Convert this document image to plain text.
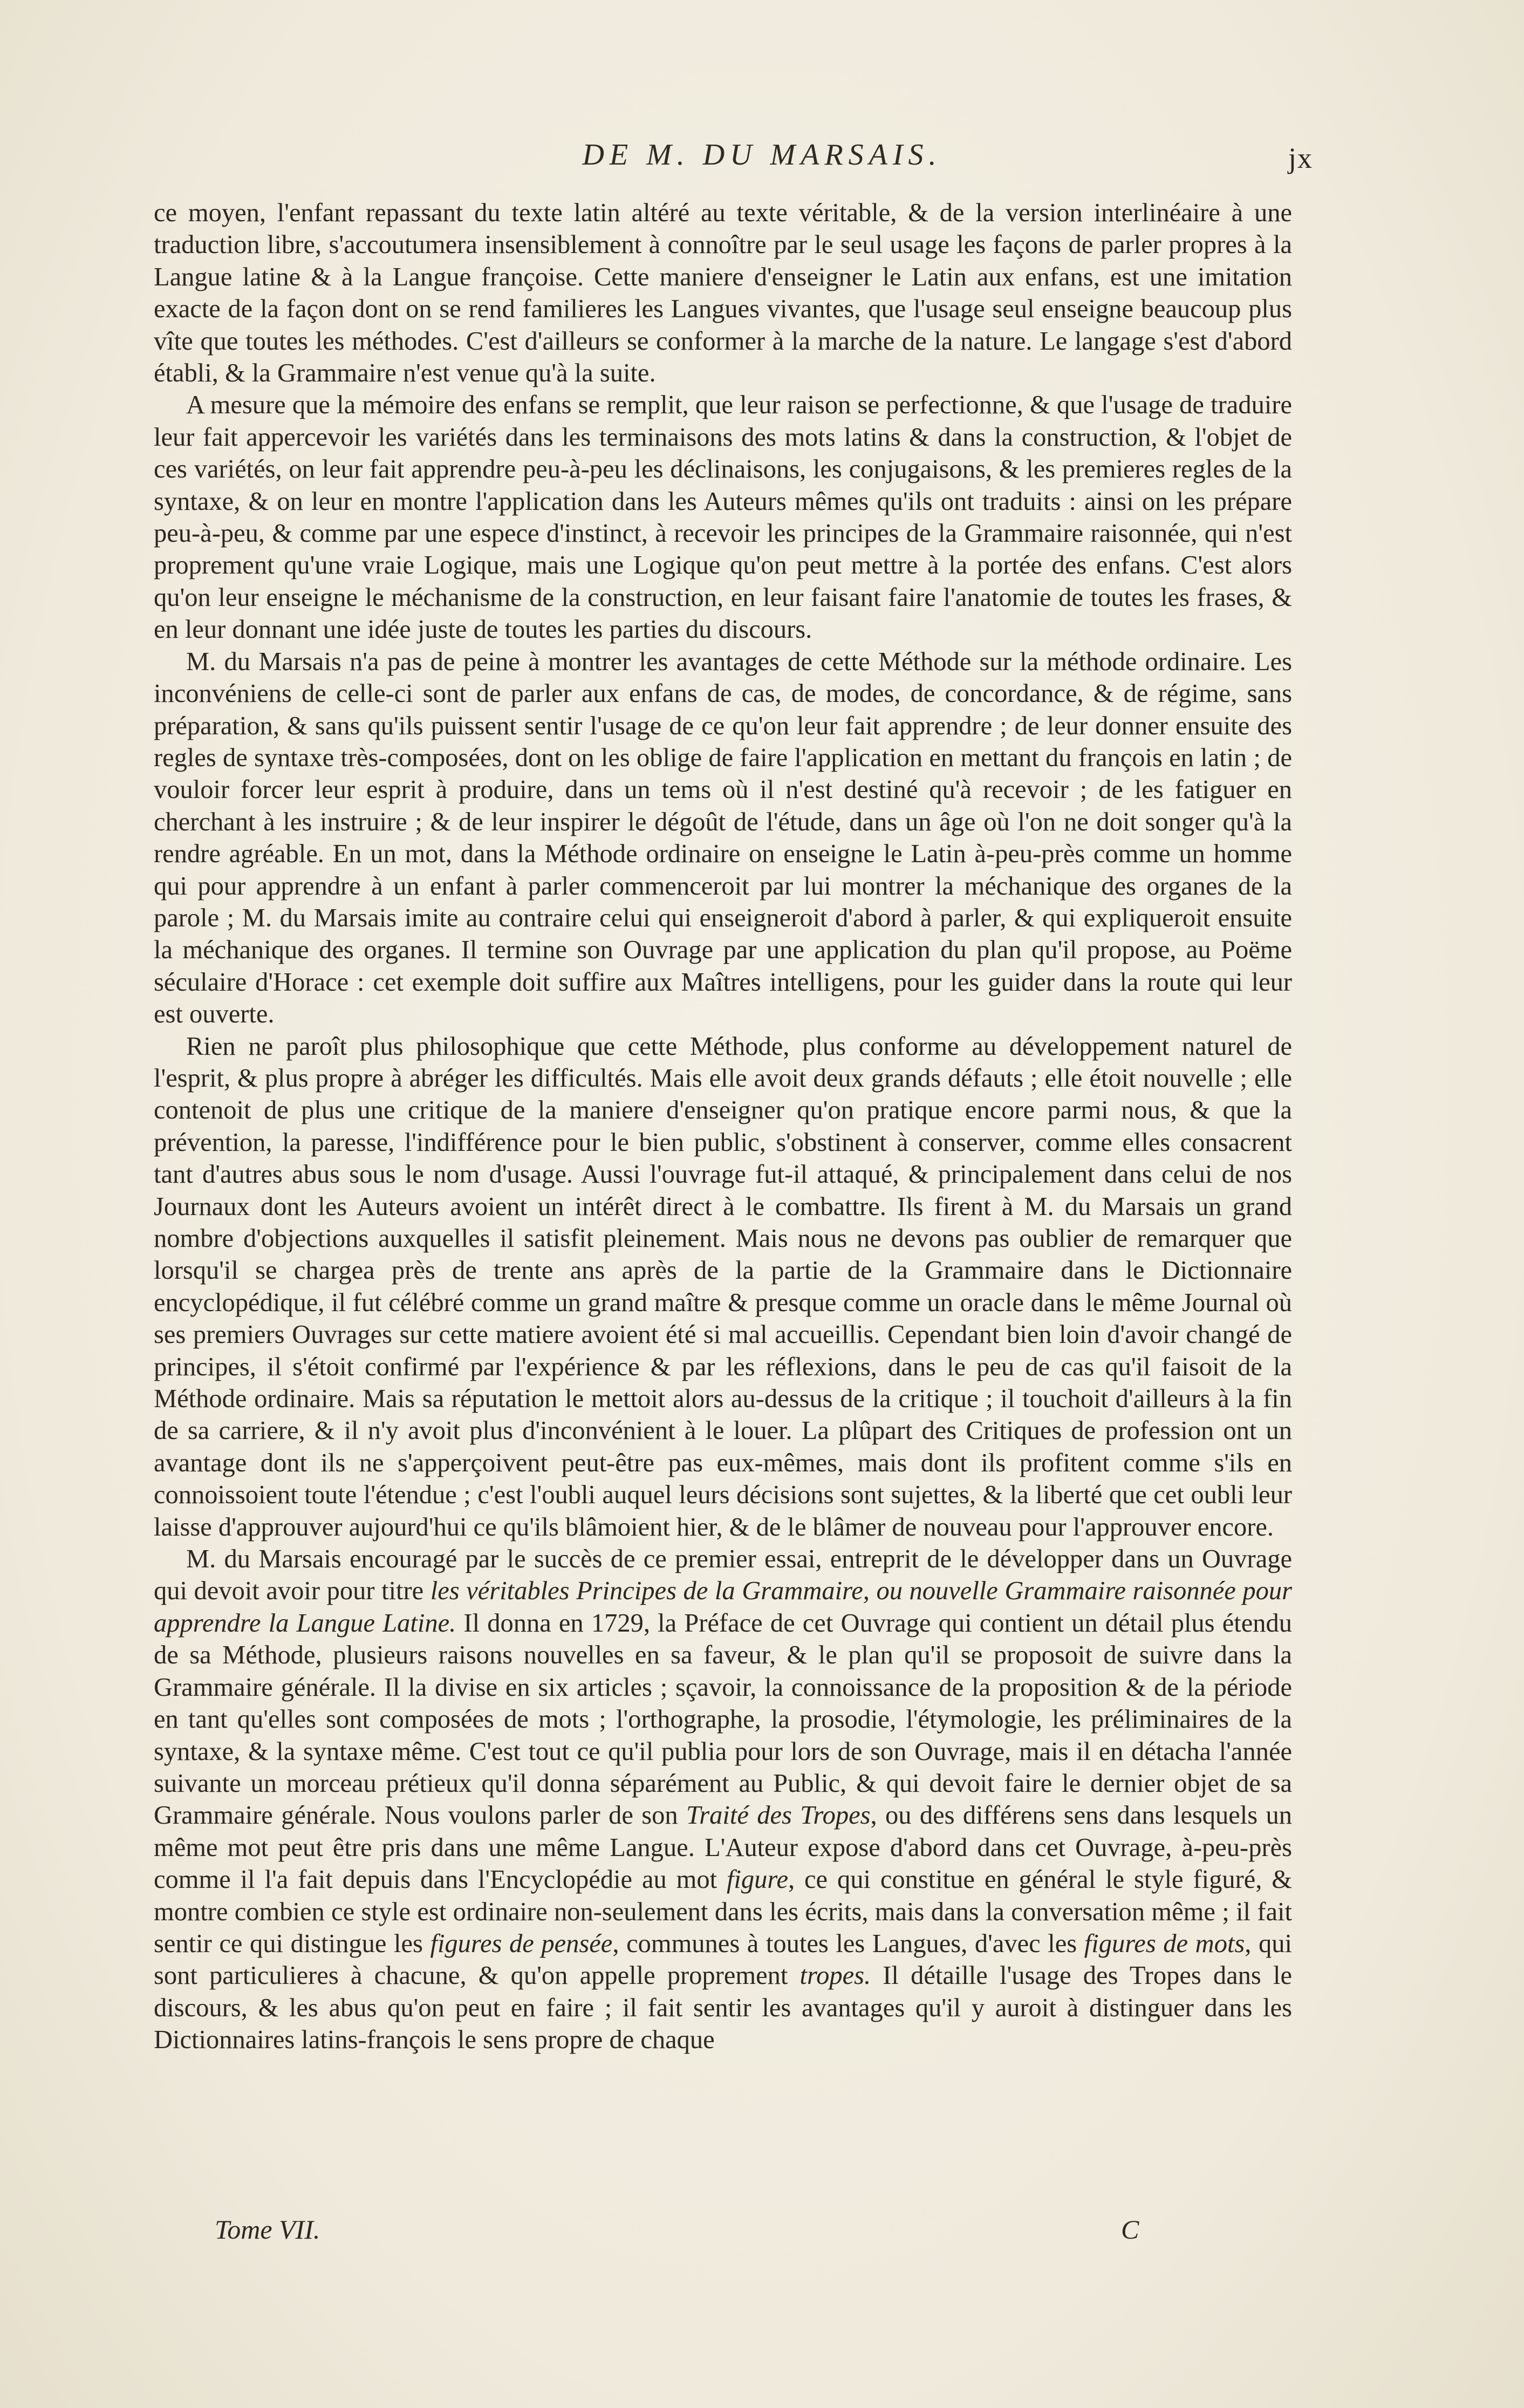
DE M. DU MARSAIS.	jx

ce moyen, l'enfant repassant du texte latin altéré au texte véritable, & de la version interlinéaire à une traduction libre, s'accoutumera insensiblement à connoître par le seul usage les façons de parler propres à la Langue latine & à la Langue françoise. Cette maniere d'enseigner le Latin aux enfans, est une imitation exacte de la façon dont on se rend familieres les Langues vivantes, que l'usage seul enseigne beaucoup plus vîte que toutes les méthodes. C'est d'ailleurs se conformer à la marche de la nature. Le langage s'est d'abord établi, & la Grammaire n'est venue qu'à la suite.

A mesure que la mémoire des enfans se remplit, que leur raison se perfectionne, & que l'usage de traduire leur fait appercevoir les variétés dans les terminaisons des mots latins & dans la construction, & l'objet de ces variétés, on leur fait apprendre peu-à-peu les déclinaisons, les conjugaisons, & les premieres regles de la syntaxe, & on leur en montre l'application dans les Auteurs mêmes qu'ils ont traduits : ainsi on les prépare peu-à-peu, & comme par une espece d'instinct, à recevoir les principes de la Grammaire raisonnée, qui n'est proprement qu'une vraie Logique, mais une Logique qu'on peut mettre à la portée des enfans. C'est alors qu'on leur enseigne le méchanisme de la construction, en leur faisant faire l'anatomie de toutes les frases, & en leur donnant une idée juste de toutes les parties du discours.

M. du Marsais n'a pas de peine à montrer les avantages de cette Méthode sur la méthode ordinaire. Les inconvéniens de celle-ci sont de parler aux enfans de cas, de modes, de concordance, & de régime, sans préparation, & sans qu'ils puissent sentir l'usage de ce qu'on leur fait apprendre ; de leur donner ensuite des regles de syntaxe très-composées, dont on les oblige de faire l'application en mettant du françois en latin ; de vouloir forcer leur esprit à produire, dans un tems où il n'est destiné qu'à recevoir ; de les fatiguer en cherchant à les instruire ; & de leur inspirer le dégoût de l'étude, dans un âge où l'on ne doit songer qu'à la rendre agréable. En un mot, dans la Méthode ordinaire on enseigne le Latin à-peu-près comme un homme qui pour apprendre à un enfant à parler commenceroit par lui montrer la méchanique des organes de la parole ; M. du Marsais imite au contraire celui qui enseigneroit d'abord à parler, & qui expliqueroit ensuite la méchanique des organes. Il termine son Ouvrage par une application du plan qu'il propose, au Poëme séculaire d'Horace : cet exemple doit suffire aux Maîtres intelligens, pour les guider dans la route qui leur est ouverte.

Rien ne paroît plus philosophique que cette Méthode, plus conforme au développement naturel de l'esprit, & plus propre à abréger les difficultés. Mais elle avoit deux grands défauts ; elle étoit nouvelle ; elle contenoit de plus une critique de la maniere d'enseigner qu'on pratique encore parmi nous, & que la prévention, la paresse, l'indifférence pour le bien public, s'obstinent à conserver, comme elles consacrent tant d'autres abus sous le nom d'usage. Aussi l'ouvrage fut-il attaqué, & principalement dans celui de nos Journaux dont les Auteurs avoient un intérêt direct à le combattre. Ils firent à M. du Marsais un grand nombre d'objections auxquelles il satisfit pleinement. Mais nous ne devons pas oublier de remarquer que lorsqu'il se chargea près de trente ans après de la partie de la Grammaire dans le Dictionnaire encyclopédique, il fut célébré comme un grand maître & presque comme un oracle dans le même Journal où ses premiers Ouvrages sur cette matiere avoient été si mal accueillis. Cependant bien loin d'avoir changé de principes, il s'étoit confirmé par l'expérience & par les réflexions, dans le peu de cas qu'il faisoit de la Méthode ordinaire. Mais sa réputation le mettoit alors au-dessus de la critique ; il touchoit d'ailleurs à la fin de sa carriere, & il n'y avoit plus d'inconvénient à le louer. La plûpart des Critiques de profession ont un avantage dont ils ne s'apperçoivent peut-être pas eux-mêmes, mais dont ils profitent comme s'ils en connoissoient toute l'étendue ; c'est l'oubli auquel leurs décisions sont sujettes, & la liberté que cet oubli leur laisse d'approuver aujourd'hui ce qu'ils blâmoient hier, & de le blâmer de nouveau pour l'approuver encore.

M. du Marsais encouragé par le succès de ce premier essai, entreprit de le développer dans un Ouvrage qui devoit avoir pour titre les véritables Principes de la Grammaire, ou nouvelle Grammaire raisonnée pour apprendre la Langue Latine. Il donna en 1729, la Préface de cet Ouvrage qui contient un détail plus étendu de sa Méthode, plusieurs raisons nouvelles en sa faveur, & le plan qu'il se proposoit de suivre dans la Grammaire générale. Il la divise en six articles ; sçavoir, la connoissance de la proposition & de la période en tant qu'elles sont composées de mots ; l'orthographe, la prosodie, l'étymologie, les préliminaires de la syntaxe, & la syntaxe même. C'est tout ce qu'il publia pour lors de son Ouvrage, mais il en détacha l'année suivante un morceau prétieux qu'il donna séparément au Public, & qui devoit faire le dernier objet de sa Grammaire générale. Nous voulons parler de son Traité des Tropes, ou des différens sens dans lesquels un même mot peut être pris dans une même Langue. L'Auteur expose d'abord dans cet Ouvrage, à-peu-près comme il l'a fait depuis dans l'Encyclopédie au mot figure, ce qui constitue en général le style figuré, & montre combien ce style est ordinaire non-seulement dans les écrits, mais dans la conversation même ; il fait sentir ce qui distingue les figures de pensée, communes à toutes les Langues, d'avec les figures de mots, qui sont particulieres à chacune, & qu'on appelle proprement tropes. Il détaille l'usage des Tropes dans le discours, & les abus qu'on peut en faire ; il fait sentir les avantages qu'il y auroit à distinguer dans les Dictionnaires latins-françois le sens propre de chaque

Tome VII.	C
